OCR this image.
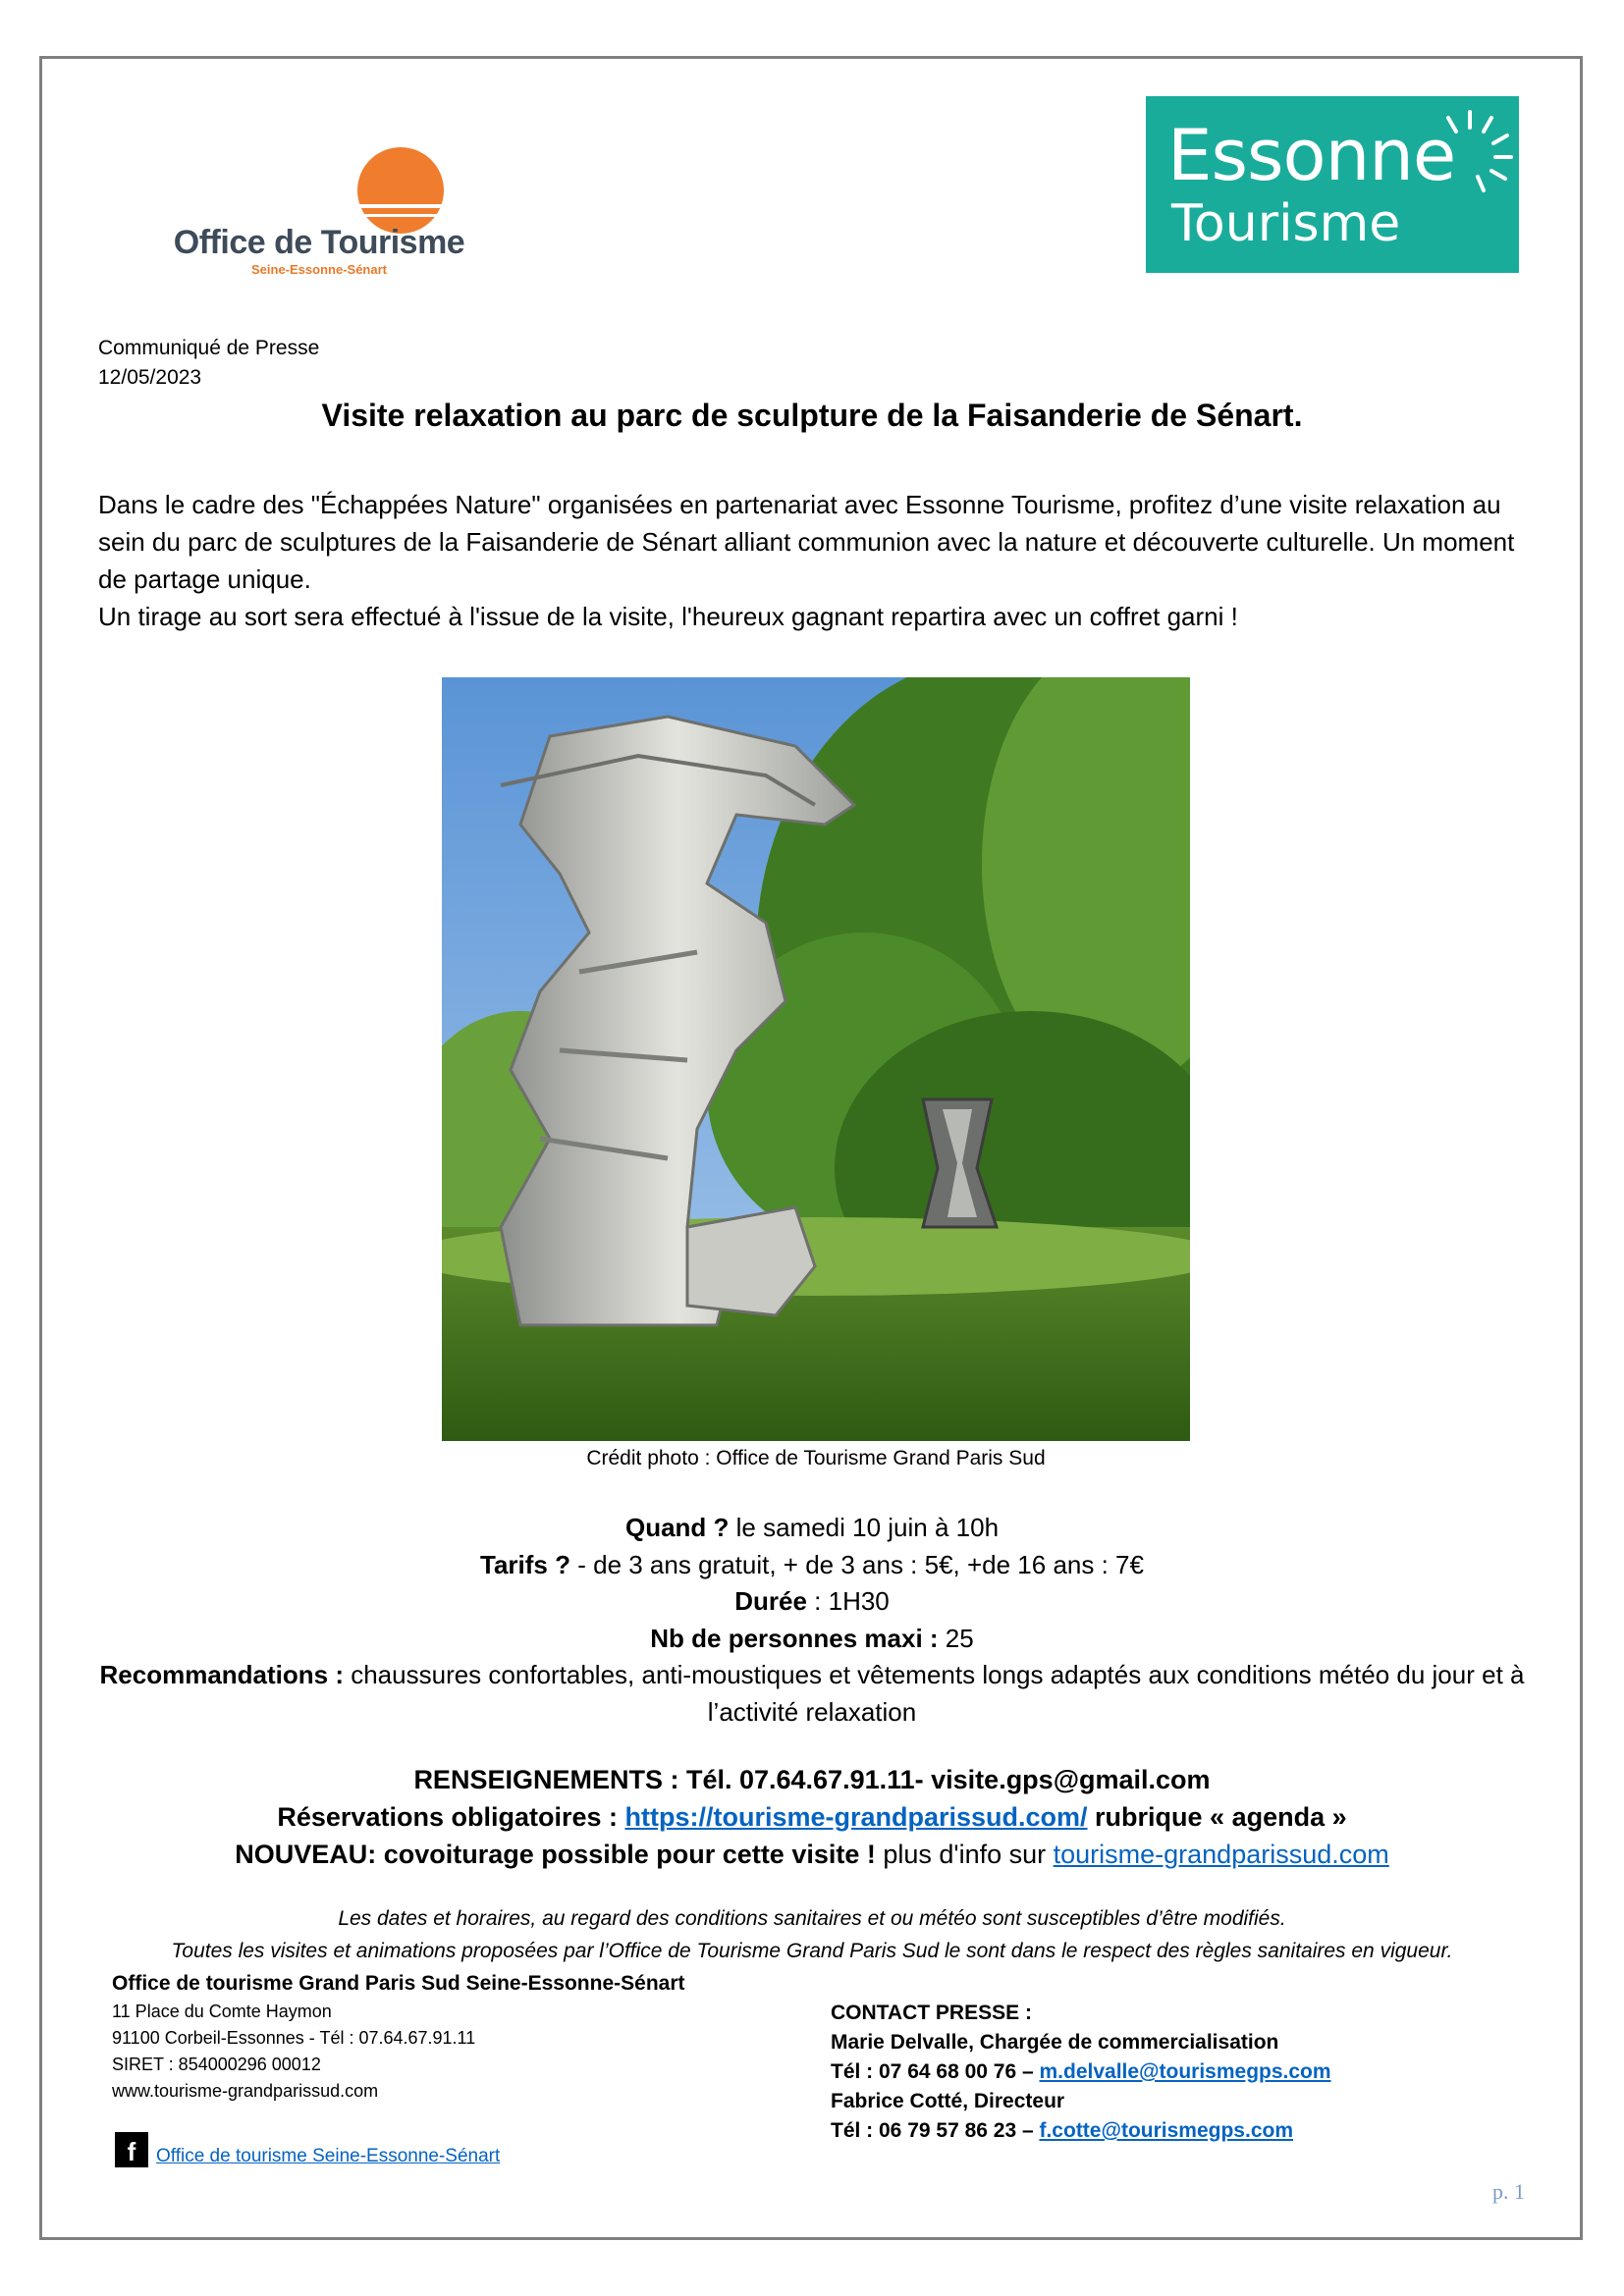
Office de Tourisme
Seine-Essonne-Sénart
Essonne
Tourisme
Communiqué de Presse
12/05/2023
Visite relaxation au parc de sculpture de la Faisanderie de Sénart.

Dans le cadre des "Échappées Nature" organisées en partenariat avec Essonne Tourisme, profitez d’une visite relaxation au sein du parc de sculptures de la Faisanderie de Sénart alliant communion avec la nature et découverte culturelle. Un moment de partage unique.

Un tirage au sort sera effectué à l'issue de la visite, l'heureux gagnant repartira avec un coffret garni !

Crédit photo : Office de Tourisme Grand Paris Sud
Quand ? le samedi 10 juin à 10h
Tarifs ? - de 3 ans gratuit, + de 3 ans : 5€, +de 16 ans : 7€
Durée : 1H30
Nb de personnes maxi : 25
Recommandations : chaussures confortables, anti-moustiques et vêtements longs adaptés aux conditions météo du jour et à l’activité relaxation
RENSEIGNEMENTS : Tél. 07.64.67.91.11- visite.gps@gmail.com
Réservations obligatoires : https://tourisme-grandparissud.com/ rubrique « agenda »
NOUVEAU: covoiturage possible pour cette visite ! plus d'info sur tourisme-grandparissud.com
Les dates et horaires, au regard des conditions sanitaires et ou météo sont susceptibles d’être modifiés.
Toutes les visites et animations proposées par l’Office de Tourisme Grand Paris Sud le sont dans le respect des règles sanitaires en vigueur.
Office de tourisme Grand Paris Sud Seine-Essonne-Sénart
11 Place du Comte Haymon
91100 Corbeil-Essonnes - Tél : 07.64.67.91.11
SIRET : 854000296 00012
www.tourisme-grandparissud.com
f	Office de tourisme Seine-Essonne-Sénart
CONTACT PRESSE :
Marie Delvalle, Chargée de commercialisation
Tél : 07 64 68 00 76 – m.delvalle@tourismegps.com
Fabrice Cotté, Directeur
Tél : 06 79 57 86 23 – f.cotte@tourismegps.com
p. 1
